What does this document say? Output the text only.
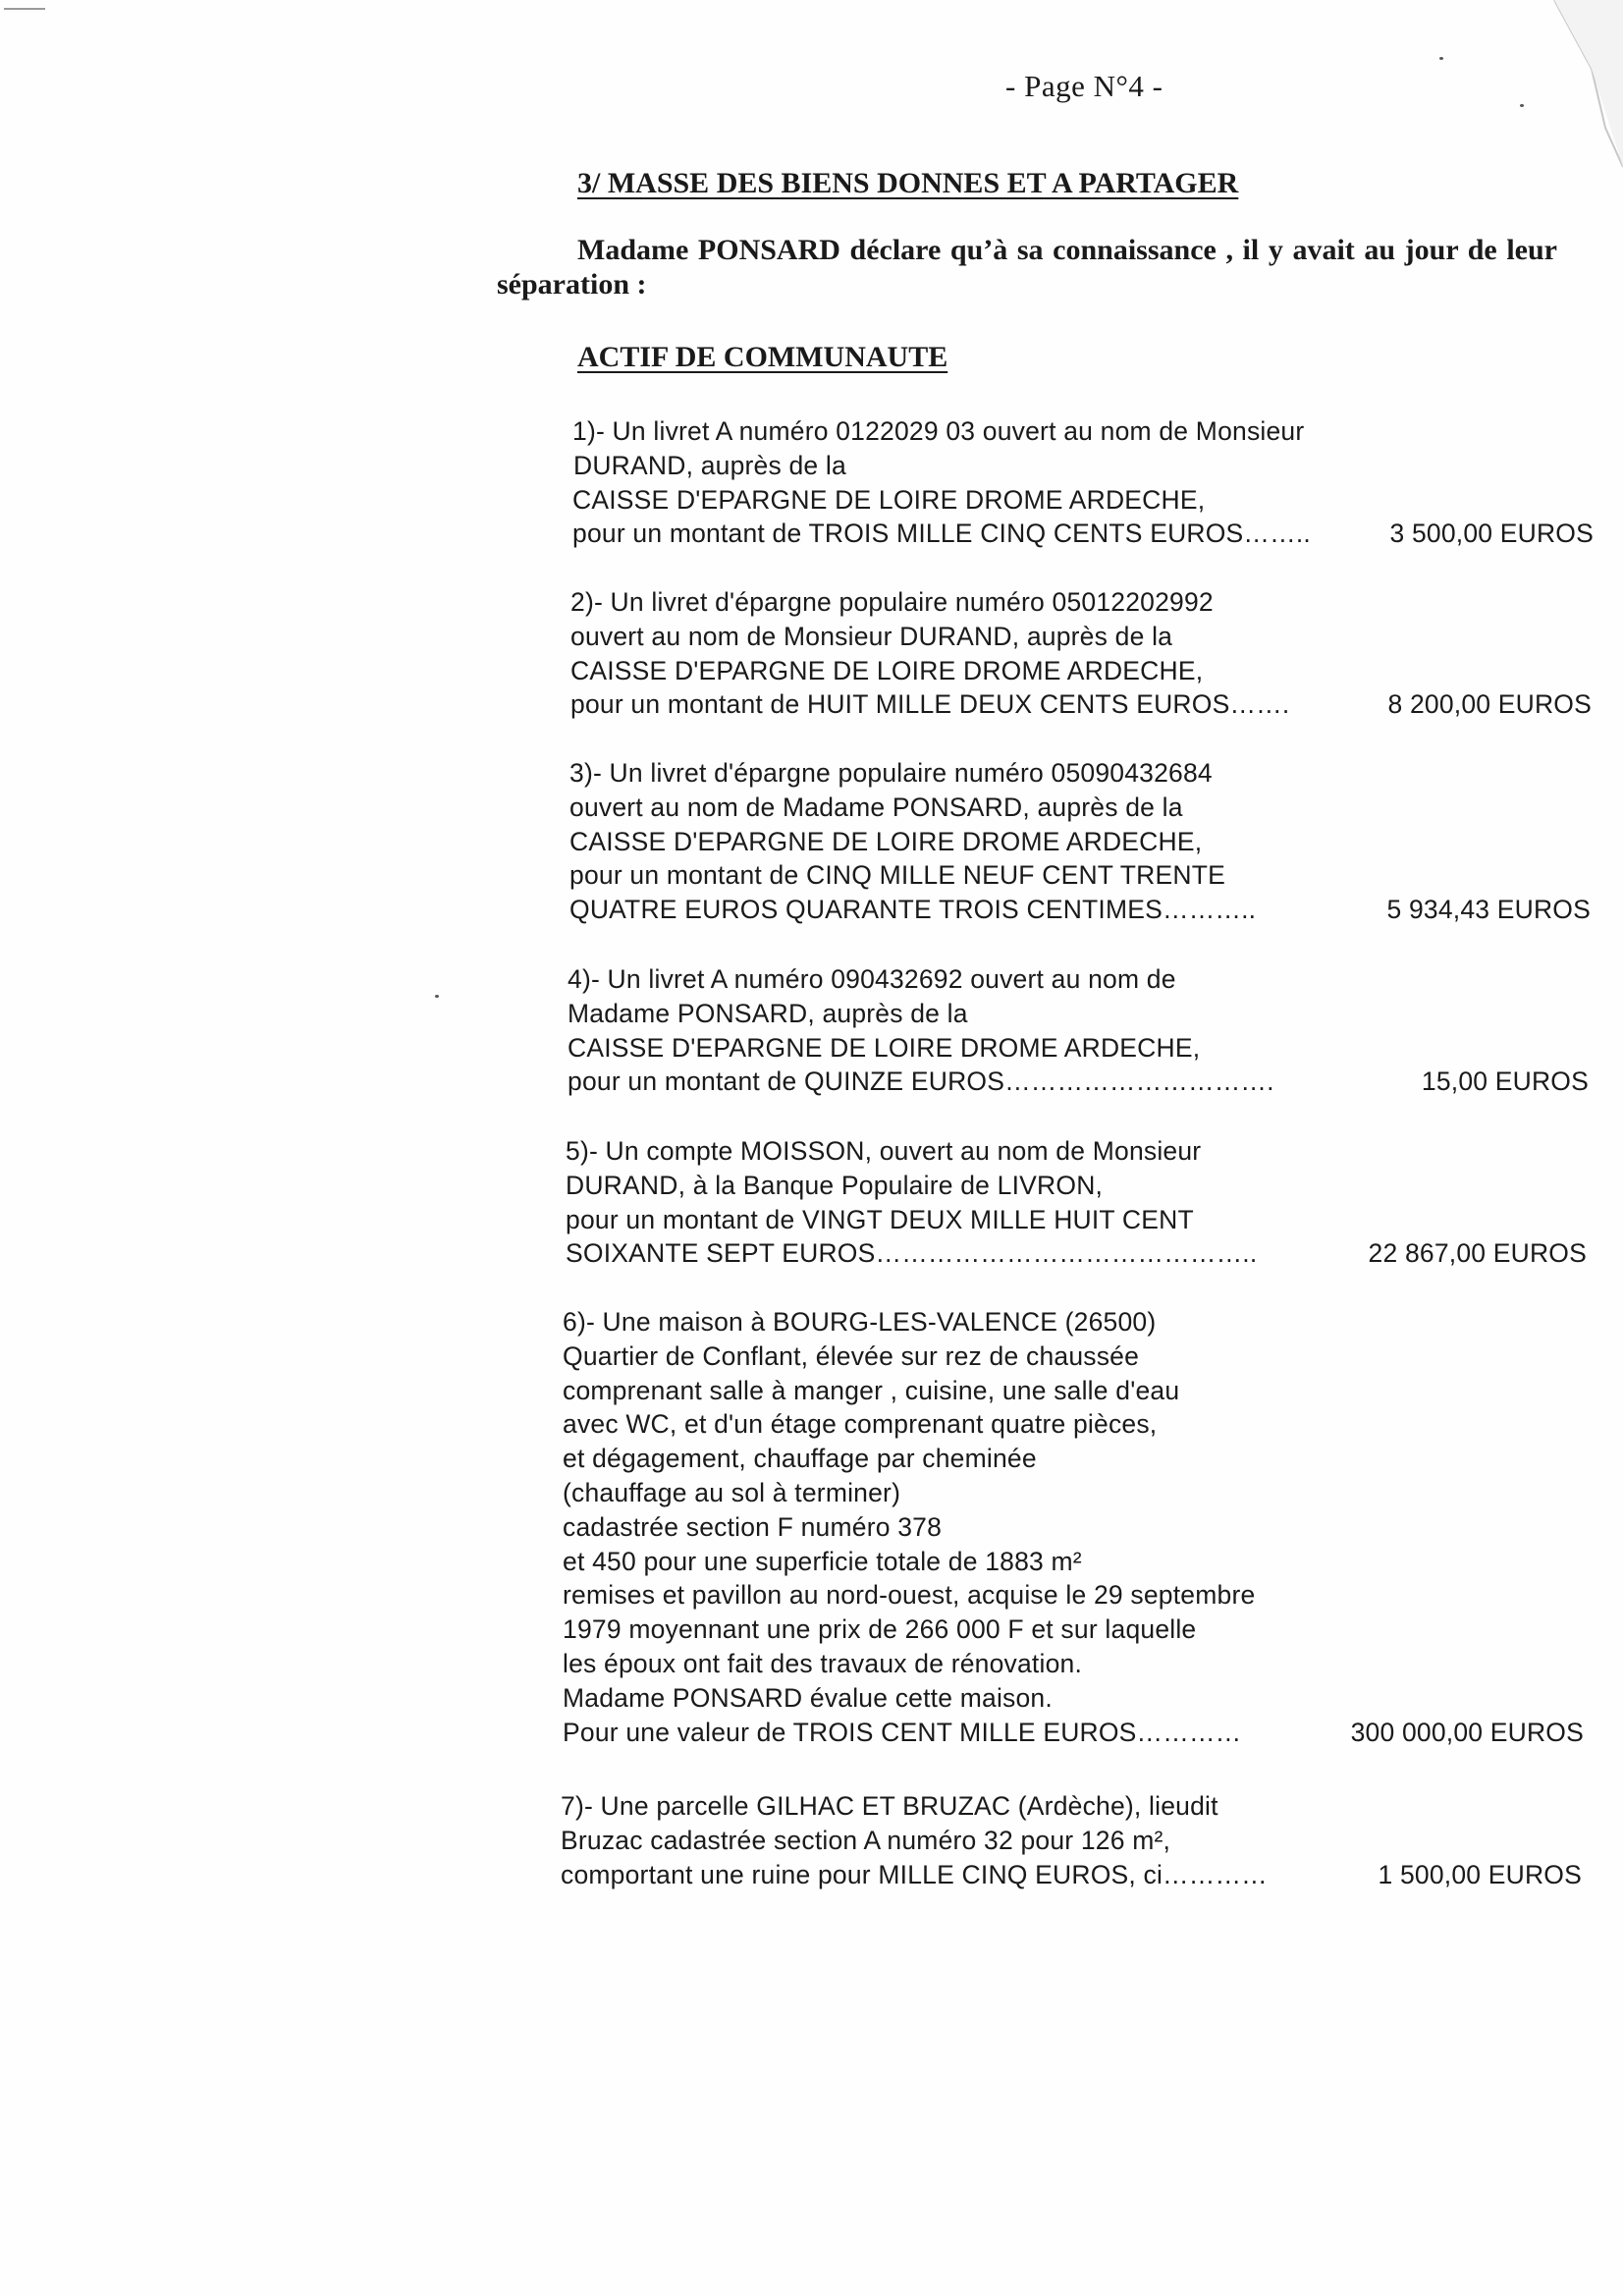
- Page N°4 -
3/ MASSE DES BIENS DONNES ET A PARTAGER
Madame PONSARD déclare qu’à sa connaissance , il y avait au jour de leur séparation :
ACTIF DE COMMUNAUTE
1)- Un livret A numéro 0122029 03 ouvert au nom de Monsieur
DURAND, auprès de la
CAISSE D'EPARGNE DE LOIRE DROME ARDECHE,
pour un montant de TROIS MILLE CINQ CENTS EUROS……..	3 500,00 EUROS
2)- Un livret d'épargne populaire numéro 05012202992
ouvert au nom de Monsieur DURAND, auprès de la
CAISSE D'EPARGNE DE LOIRE DROME ARDECHE,
pour un montant de HUIT MILLE DEUX CENTS EUROS…….	8 200,00 EUROS
3)- Un livret d'épargne populaire numéro 05090432684
ouvert au nom de Madame PONSARD, auprès de la
CAISSE D'EPARGNE DE LOIRE DROME ARDECHE,
pour un montant de CINQ MILLE NEUF CENT TRENTE
QUATRE EUROS QUARANTE TROIS CENTIMES………..	5 934,43 EUROS
4)- Un livret A numéro 090432692 ouvert au nom de
Madame PONSARD, auprès de la
CAISSE D'EPARGNE DE LOIRE DROME ARDECHE,
pour un montant de QUINZE EUROS………………………….	15,00 EUROS
5)- Un compte MOISSON, ouvert au nom de Monsieur
DURAND, à la Banque Populaire de LIVRON,
pour un montant de VINGT DEUX MILLE HUIT CENT
SOIXANTE SEPT EUROS……………………………………..	22 867,00 EUROS
6)- Une maison à BOURG-LES-VALENCE (26500)
Quartier de Conflant, élevée sur rez de chaussée
comprenant salle à manger , cuisine, une salle d'eau
avec WC, et d'un étage comprenant quatre pièces,
et dégagement, chauffage par cheminée
(chauffage au sol à terminer)
cadastrée section F numéro 378
et 450 pour une superficie totale de 1883 m²
remises et pavillon au nord-ouest, acquise le 29 septembre
1979 moyennant une prix de 266 000 F et sur laquelle
les époux ont fait des travaux de rénovation.
Madame PONSARD évalue cette maison.
Pour une valeur de TROIS CENT MILLE EUROS…………	300 000,00 EUROS
7)- Une parcelle GILHAC ET BRUZAC (Ardèche), lieudit
Bruzac cadastrée section A numéro 32 pour 126 m²,
comportant une ruine pour MILLE CINQ EUROS, ci…………	1 500,00 EUROS
